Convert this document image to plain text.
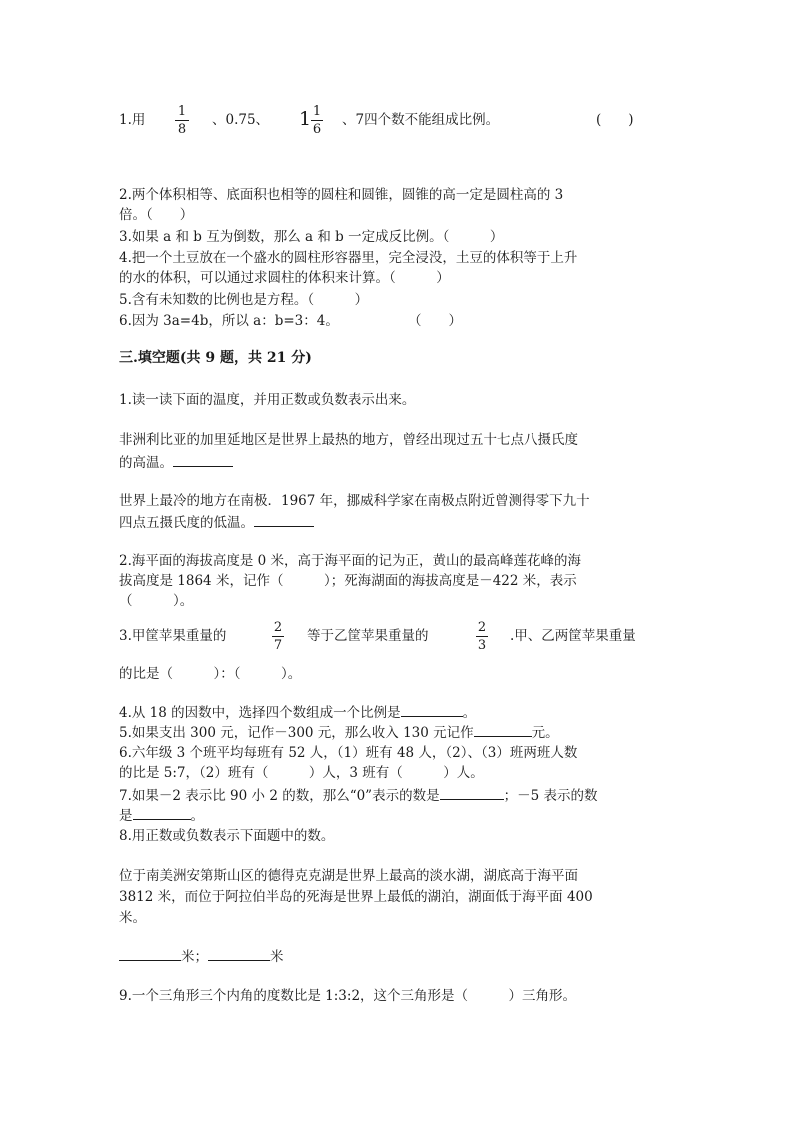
1.用
1
8
、0.75、 1 1
6
、7四个数不能组成比例。	(　　)
2.两个体积相等、底面积也相等的圆柱和圆锥，圆锥的高一定是圆柱高的 3
倍。（　　）
3.如果 a 和 b 互为倒数，那么 a 和 b 一定成反比例。（　　　）
4.把一个土豆放在一个盛水的圆柱形容器里，完全浸没，土豆的体积等于上升
的水的体积，可以通过求圆柱的体积来计算。（　　　）
5.含有未知数的比例也是方程。（　　　）
6.因为 3a=4b，所以 a：b=3：4。	（　　）
三.填空题(共 9 题，共 21 分)
1.读一读下面的温度，并用正数或负数表示出来。
非洲利比亚的加里延地区是世界上最热的地方，曾经出现过五十七点八摄氏度
的高温。
世界上最冷的地方在南极．1967 年，挪威科学家在南极点附近曾测得零下九十
四点五摄氏度的低温。
2.海平面的海拔高度是 0 米，高于海平面的记为正，黄山的最高峰莲花峰的海
拔高度是 1864 米，记作（　　　）；死海湖面的海拔高度是－422 米，表示
（　　　）。
3.甲筐苹果重量的
2
7
等于乙筐苹果重量的
2
3
.甲、乙两筐苹果重量
的比是（　　　）：（　　　）。
4.从 18 的因数中，选择四个数组成一个比例是	。
5.如果支出 300 元，记作－300 元，那么收入 130 元记作	元。
6.六年级 3 个班平均每班有 52 人，（1）班有 48 人，（2）、（3）班两班人数
的比是 5:7，（2）班有（　　　）人，3 班有（　　　）人。
7.如果－2 表示比 90 小 2 的数，那么“0”表示的数是	；－5 表示的数
是	。
8.用正数或负数表示下面题中的数。
位于南美洲安第斯山区的德得克克湖是世界上最高的淡水湖，湖底高于海平面
3812 米，而位于阿拉伯半岛的死海是世界上最低的湖泊，湖面低于海平面 400
米。
米；	米
9.一个三角形三个内角的度数比是 1:3:2，这个三角形是（　　　）三角形。
